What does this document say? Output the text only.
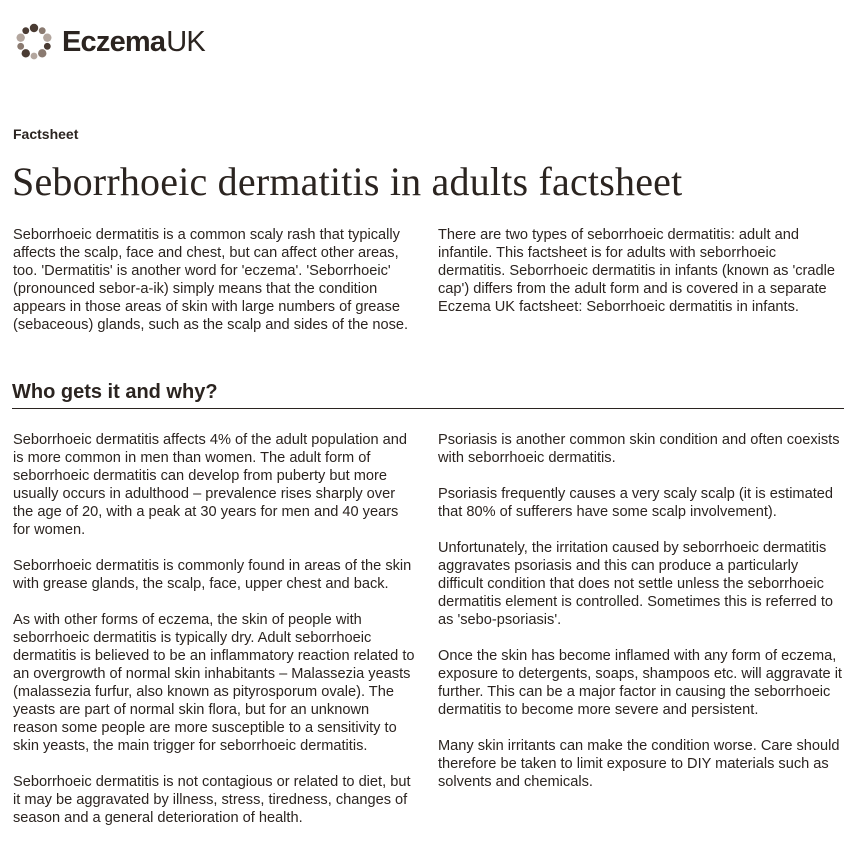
EczemaUK
Factsheet
Seborrhoeic dermatitis in adults factsheet

Seborrhoeic dermatitis is a common scaly rash that typically affects the scalp, face and chest, but can affect other areas, too. 'Dermatitis' is another word for 'eczema'. 'Seborrhoeic' (pronounced sebor-a-ik) simply means that the condition appears in those areas of skin with large numbers of grease (sebaceous) glands, such as the scalp and sides of the nose.

There are two types of seborrhoeic dermatitis: adult and infantile. This factsheet is for adults with seborrhoeic dermatitis. Seborrhoeic dermatitis in infants (known as 'cradle cap') differs from the adult form and is covered in a separate Eczema UK factsheet: Seborrhoeic dermatitis in infants.

Who gets it and why?

Seborrhoeic dermatitis affects 4% of the adult population and is more common in men than women. The adult form of seborrhoeic dermatitis can develop from puberty but more usually occurs in adulthood – prevalence rises sharply over the age of 20, with a peak at 30 years for men and 40 years for women.

Seborrhoeic dermatitis is commonly found in areas of the skin with grease glands, the scalp, face, upper chest and back.

As with other forms of eczema, the skin of people with seborrhoeic dermatitis is typically dry. Adult seborrhoeic dermatitis is believed to be an inflammatory reaction related to an overgrowth of normal skin inhabitants – Malassezia yeasts (malassezia furfur, also known as pityrosporum ovale). The yeasts are part of normal skin flora, but for an unknown reason some people are more susceptible to a sensitivity to skin yeasts, the main trigger for seborrhoeic dermatitis.

Seborrhoeic dermatitis is not contagious or related to diet, but it may be aggravated by illness, stress, tiredness, changes of season and a general deterioration of health.

Psoriasis is another common skin condition and often coexists with seborrhoeic dermatitis.

Psoriasis frequently causes a very scaly scalp (it is estimated that 80% of sufferers have some scalp involvement).

Unfortunately, the irritation caused by seborrhoeic dermatitis aggravates psoriasis and this can produce a particularly difficult condition that does not settle unless the seborrhoeic dermatitis element is controlled. Sometimes this is referred to as 'sebo-psoriasis'.

Once the skin has become inflamed with any form of eczema, exposure to detergents, soaps, shampoos etc. will aggravate it further. This can be a major factor in causing the seborrhoeic dermatitis to become more severe and persistent.

Many skin irritants can make the condition worse. Care should therefore be taken to limit exposure to DIY materials such as solvents and chemicals.
